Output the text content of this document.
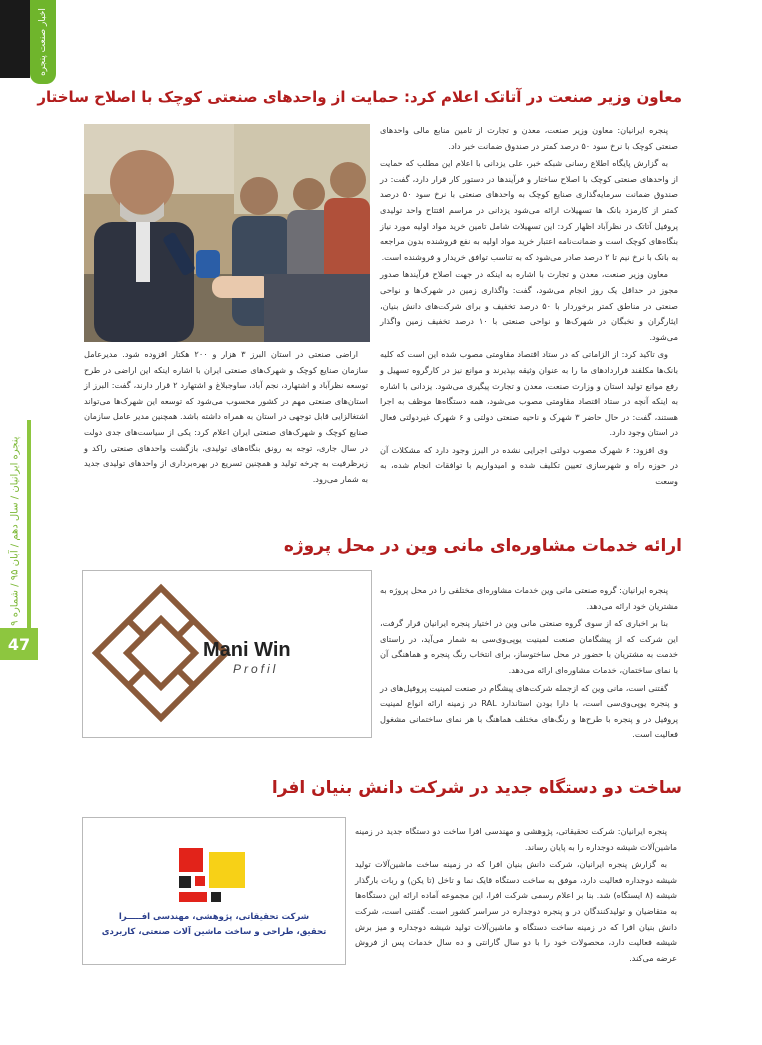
اخبار صنعت پنجره
پنجره ایرانیان / سال دهم / آبان ۹۵ / شماره
47
معاون وزیر صنعت در آتاتک اعلام کرد: حمایت از واحدهای صنعتی کوچک با اصلاح ساختار

پنجره ایرانیان: معاون وزیر صنعت، معدن و تجارت از تامین منابع مالی واحدهای صنعتی کوچک با نرخ سود ۵۰ درصد کمتر در صندوق ضمانت خبر داد.

به گزارش پایگاه اطلاع رسانی شبکه خبر، علی یزدانی با اعلام این مطلب که حمایت از واحدهای صنعتی کوچک با اصلاح ساختار و فرآیندها در دستور کار قرار دارد، گفت: در صندوق ضمانت سرمایه‌گذاری صنایع کوچک به واحدهای صنعتی با نرخ سود ۵۰ درصد کمتر از کارمزد بانک ها تسهیلات ارائه می‌شود یزدانی در مراسم افتتاح واحد تولیدی پروفیل آتاتک در نظرآباد اظهار کرد: این تسهیلات شامل تامین خرید مواد اولیه مورد نیاز بنگاه‌های کوچک است و ضمانت‌نامه اعتبار خرید مواد اولیه به نفع فروشنده بدون مراجعه به بانک با نرخ نیم تا ۲ درصد صادر می‌شود که به تناسب توافق خریدار و فروشنده است.

معاون وزیر صنعت، معدن و تجارت با اشاره به اینکه در جهت اصلاح فرآیندها صدور مجوز در حداقل یک روز انجام می‌شود، گفت: واگذاری زمین در شهرک‌ها و نواحی صنعتی در مناطق کمتر برخوردار با ۵۰ درصد تخفیف و برای شرکت‌های دانش بنیان، ایثارگران و نخبگان در شهرک‌ها و نواحی صنعتی با ۱۰ درصد تخفیف زمین واگذار می‌شود.

وی تاکید کرد: از الزاماتی که در ستاد اقتصاد مقاومتی مصوب شده این است که کلیه بانک‌ها مکلفند قراردادهای ما را به عنوان وثیقه بپذیرند و موانع نیز در کارگروه تسهیل و رفع موانع تولید استان و وزارت صنعت، معدن و تجارت پیگیری می‌شود. یزدانی با اشاره به اینکه آنچه در ستاد اقتصاد مقاومتی مصوب می‌شود، همه دستگاه‌ها موظف به اجرا هستند، گفت: در حال حاضر ۳ شهرک و ناحیه صنعتی دولتی و ۶ شهرک غیردولتی فعال در استان وجود دارد.

وی افزود: ۶ شهرک مصوب دولتی اجرایی نشده در البرز وجود دارد که مشکلات آن در حوزه راه و شهرسازی تعیین تکلیف شده و امیدواریم با توافقات انجام شده، به وسعت

اراضی صنعتی در استان البرز ۳ هزار و ۲۰۰ هکتار افزوده شود. مدیرعامل سازمان صنایع کوچک و شهرک‌های صنعتی ایران با اشاره اینکه این اراضی در طرح توسعه نظرآباد و اشتهارد، نجم آباد، ساوجبلاغ و اشتهارد ۲ قرار دارند، گفت: البرز از استان‌های صنعتی مهم در کشور محسوب می‌شود که توسعه این شهرک‌ها می‌تواند اشتغالزایی قابل توجهی در استان به همراه داشته باشد. همچنین مدیر عامل سازمان صنایع کوچک و شهرک‌های صنعتی ایران اعلام کرد: یکی از سیاست‌های جدی دولت در سال جاری، توجه به رونق بنگاه‌های تولیدی، بازگشت واحدهای صنعتی راکد و زیرظرفیت به چرخه تولید و همچنین تسریع در بهره‌برداری از واحدهای تولیدی جدید به شمار می‌رود.

ارائه خدمات مشاوره‌ای مانی وین در محل پروژه
Mani Win
Profil

پنجره ایرانیان: گروه صنعتی مانی وین خدمات مشاوره‌ای مختلفی را در محل پروژه به مشتریان خود ارائه می‌دهد.

بنا بر اخباری که از سوی گروه صنعتی مانی وین در اختیار پنجره ایرانیان قرار گرفت، این شرکت که از پیشگامان صنعت لمینیت یو‌پی‌وی‌سی به شمار می‌آید، در راستای خدمت به مشتریان با حضور در محل ساختوساز، برای انتخاب رنگ پنجره و هماهنگی آن با نمای ساختمان، خدمات مشاوره‌ای ارائه می‌دهد.

گفتنی است، مانی وین که ازجمله شرکت‌های پیشگام در صنعت لمینیت پروفیل‌های در و پنجره یو‌پی‌وی‌سی است، با دارا بودن استاندارد RAL در زمینه ارائه انواع لمینیت پروفیل در و پنجره با طرح‌ها و رنگ‌های مختلف هماهنگ با هر نمای ساختمانی مشغول فعالیت است.

ساخت دو دستگاه جدید در شرکت دانش بنیان افرا
شرکت تحقیقاتی، پژوهشی، مهندسی افـــــرا
تحقیق، طراحی و ساخت ماشین آلات صنعتی، کاربردی

پنجره ایرانیان: شرکت تحقیقاتی، پژوهشی و مهندسی افرا ساخت دو دستگاه جدید در زمینه ماشین‌آلات شیشه دوجداره را به پایان رساند.

به گزارش پنجره ایرانیان، شرکت دانش بنیان افرا که در زمینه ساخت ماشین‌آلات تولید شیشه دوجداره فعالیت دارد، موفق به ساخت دستگاه قایک نما و تاخل (تا یکن) و ربات بارگذار شیشه (۸ ایستگاه) شد. بنا بر اعلام رسمی شرکت افرا، این مجموعه آماده ارائه این دستگاه‌ها به متقاضیان و تولیدکنندگان در و پنجره دوجداره در سراسر کشور است. گفتنی است، شرکت دانش بنیان افرا که در زمینه ساخت دستگاه و ماشین‌آلات تولید شیشه دوجداره و میز برش شیشه فعالیت دارد، محصولات خود را با دو سال گارانتی و ده سال خدمات پس از فروش عرضه می‌کند.
